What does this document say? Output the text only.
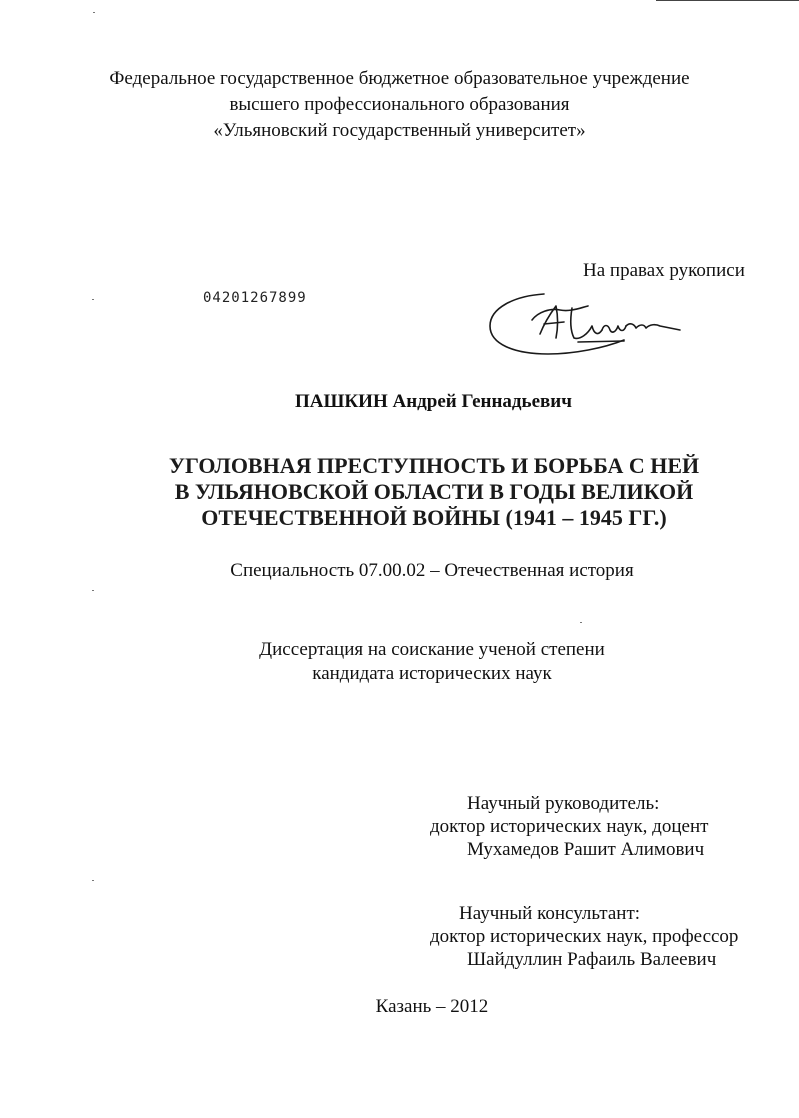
Федеральное государственное бюджетное образовательное учреждение
высшего профессионального образования
«Ульяновский государственный университет»
На правах рукописи
04201267899
ПАШКИН Андрей Геннадьевич
УГОЛОВНАЯ ПРЕСТУПНОСТЬ И БОРЬБА С НЕЙ
В УЛЬЯНОВСКОЙ ОБЛАСТИ В ГОДЫ ВЕЛИКОЙ
ОТЕЧЕСТВЕННОЙ ВОЙНЫ (1941 – 1945 ГГ.)
Специальность 07.00.02 – Отечественная история
Диссертация на соискание ученой степени
кандидата исторических наук
Научный руководитель:
доктор исторических наук, доцент
Мухамедов Рашит Алимович
Научный консультант:
доктор исторических наук, профессор
Шайдуллин Рафаиль Валеевич
Казань – 2012
